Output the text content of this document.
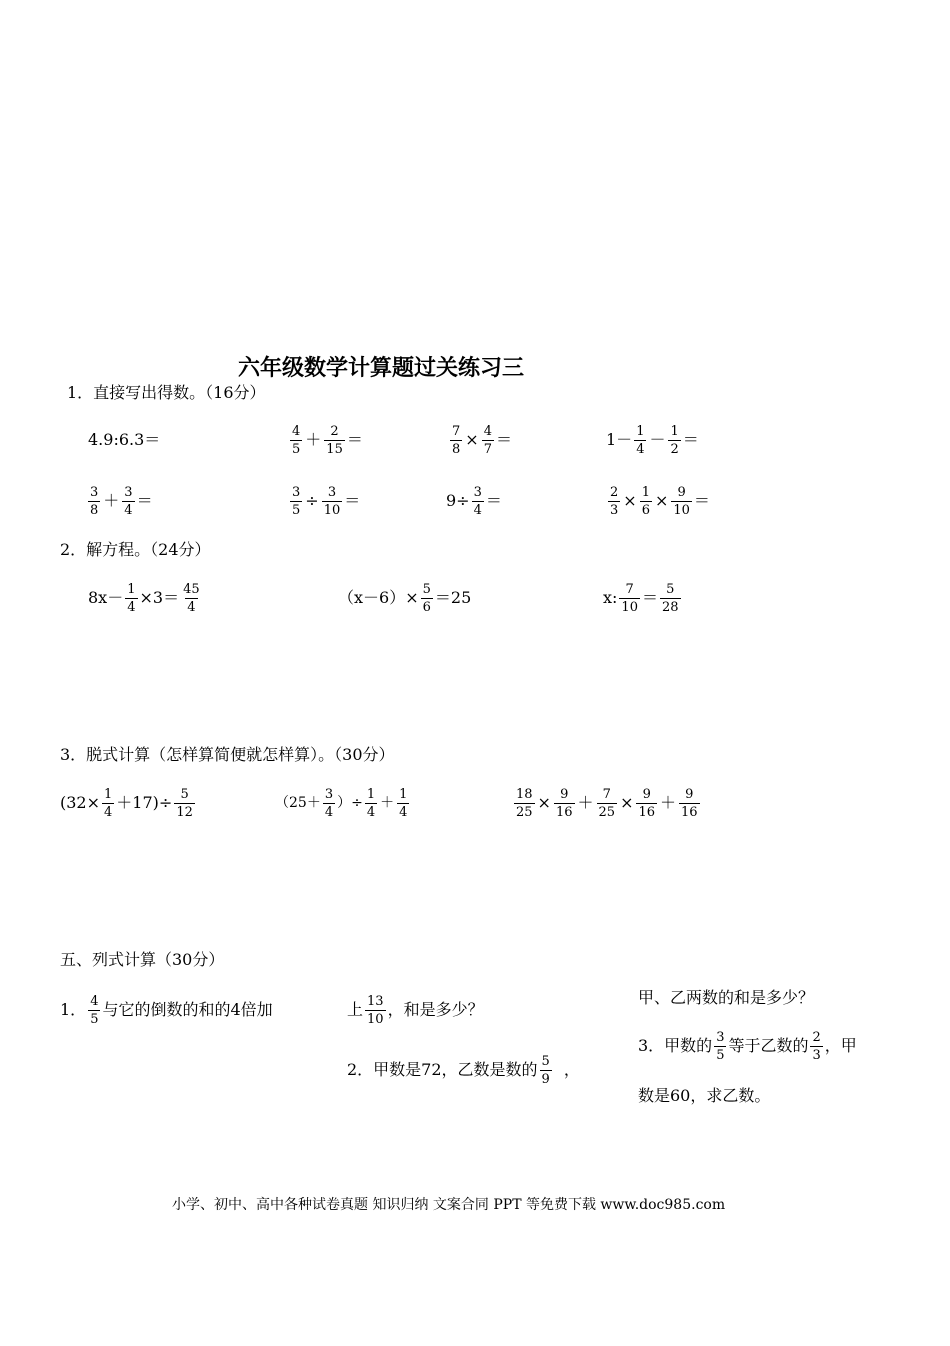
六年级数学计算题过关练习三
1．直接写出得数。（16分）
4.9:6.3＝	$\frac{4}{5} + \frac{2}{15}$ ＝	$\frac{7}{8} \times \frac{4}{7}$ ＝	$1- \frac{1}{4} - \frac{1}{2}$ ＝
$\frac{3}{8} + \frac{3}{4}$ ＝	$\frac{3}{5} \div \frac{3}{10}$ ＝	$9\div \frac{3}{4}$ ＝	$\frac{2}{3} \times \frac{1}{6} \times \frac{9}{10}$ ＝
2．解方程。（24分）
$8x- \frac{1}{4} \times 3= \frac{45}{4}$	$(x-6)\times \frac{5}{6} =25$	x: $\frac{7}{10} = \frac{5}{28}$
3．脱式计算（怎样算简便就怎样算）。（30分）
$(32\times \frac{1}{4} +17)\div \frac{5}{12}$	（$25+ \frac{3}{4}$ ）÷ $\frac{1}{4} + \frac{1}{4}$	$\frac{18}{25} \times \frac{9}{16} + \frac{7}{25} \times \frac{9}{16} + \frac{9}{16}$
五、列式计算（30分）
1． $\frac{4}{5}$ 与它的倒数的和的4倍加	上 $\frac{13}{10}$ ，和是多少？
2．甲数是72，乙数是数的 $\frac{5}{9}$ ，
甲、乙两数的和是多少？
3．甲数的 $\frac{3}{5}$ 等于乙数的 $\frac{2}{3}$ ，甲
数是60，求乙数。
小学、初中、高中各种试卷真题 知识归纳 文案合同 PPT 等免费下载 www.doc985.com
